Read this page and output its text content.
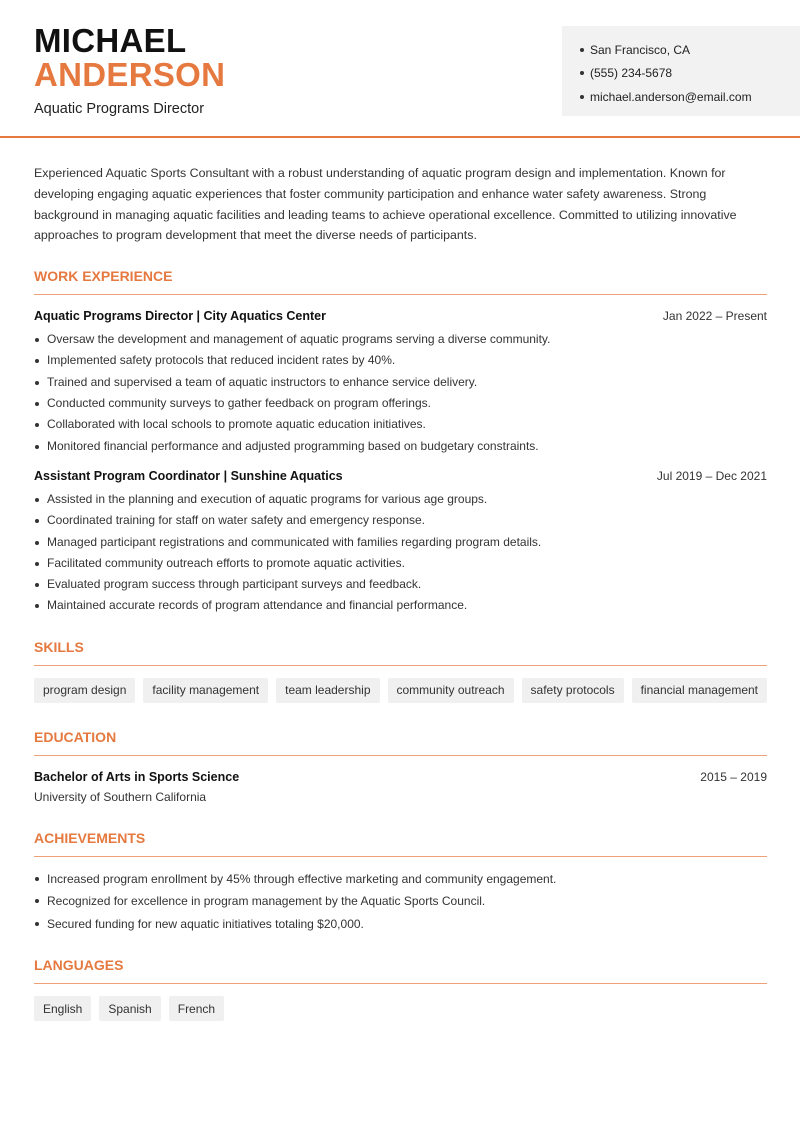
MICHAEL
ANDERSON
Aquatic Programs Director
San Francisco, CA
(555) 234-5678
michael.anderson@email.com

Experienced Aquatic Sports Consultant with a robust understanding of aquatic program design and implementation. Known for developing engaging aquatic experiences that foster community participation and enhance water safety awareness. Strong background in managing aquatic facilities and leading teams to achieve operational excellence. Committed to utilizing innovative approaches to program development that meet the diverse needs of participants.

WORK EXPERIENCE
Aquatic Programs Director | City Aquatics Center	Jan 2022 – Present
Oversaw the development and management of aquatic programs serving a diverse community.
Implemented safety protocols that reduced incident rates by 40%.
Trained and supervised a team of aquatic instructors to enhance service delivery.
Conducted community surveys to gather feedback on program offerings.
Collaborated with local schools to promote aquatic education initiatives.
Monitored financial performance and adjusted programming based on budgetary constraints.
Assistant Program Coordinator | Sunshine Aquatics	Jul 2019 – Dec 2021
Assisted in the planning and execution of aquatic programs for various age groups.
Coordinated training for staff on water safety and emergency response.
Managed participant registrations and communicated with families regarding program details.
Facilitated community outreach efforts to promote aquatic activities.
Evaluated program success through participant surveys and feedback.
Maintained accurate records of program attendance and financial performance.
SKILLS
program design	facility management	team leadership	community outreach	safety protocols	financial management
EDUCATION
Bachelor of Arts in Sports Science	2015 – 2019
University of Southern California
ACHIEVEMENTS
Increased program enrollment by 45% through effective marketing and community engagement.
Recognized for excellence in program management by the Aquatic Sports Council.
Secured funding for new aquatic initiatives totaling $20,000.
LANGUAGES
English	Spanish	French
